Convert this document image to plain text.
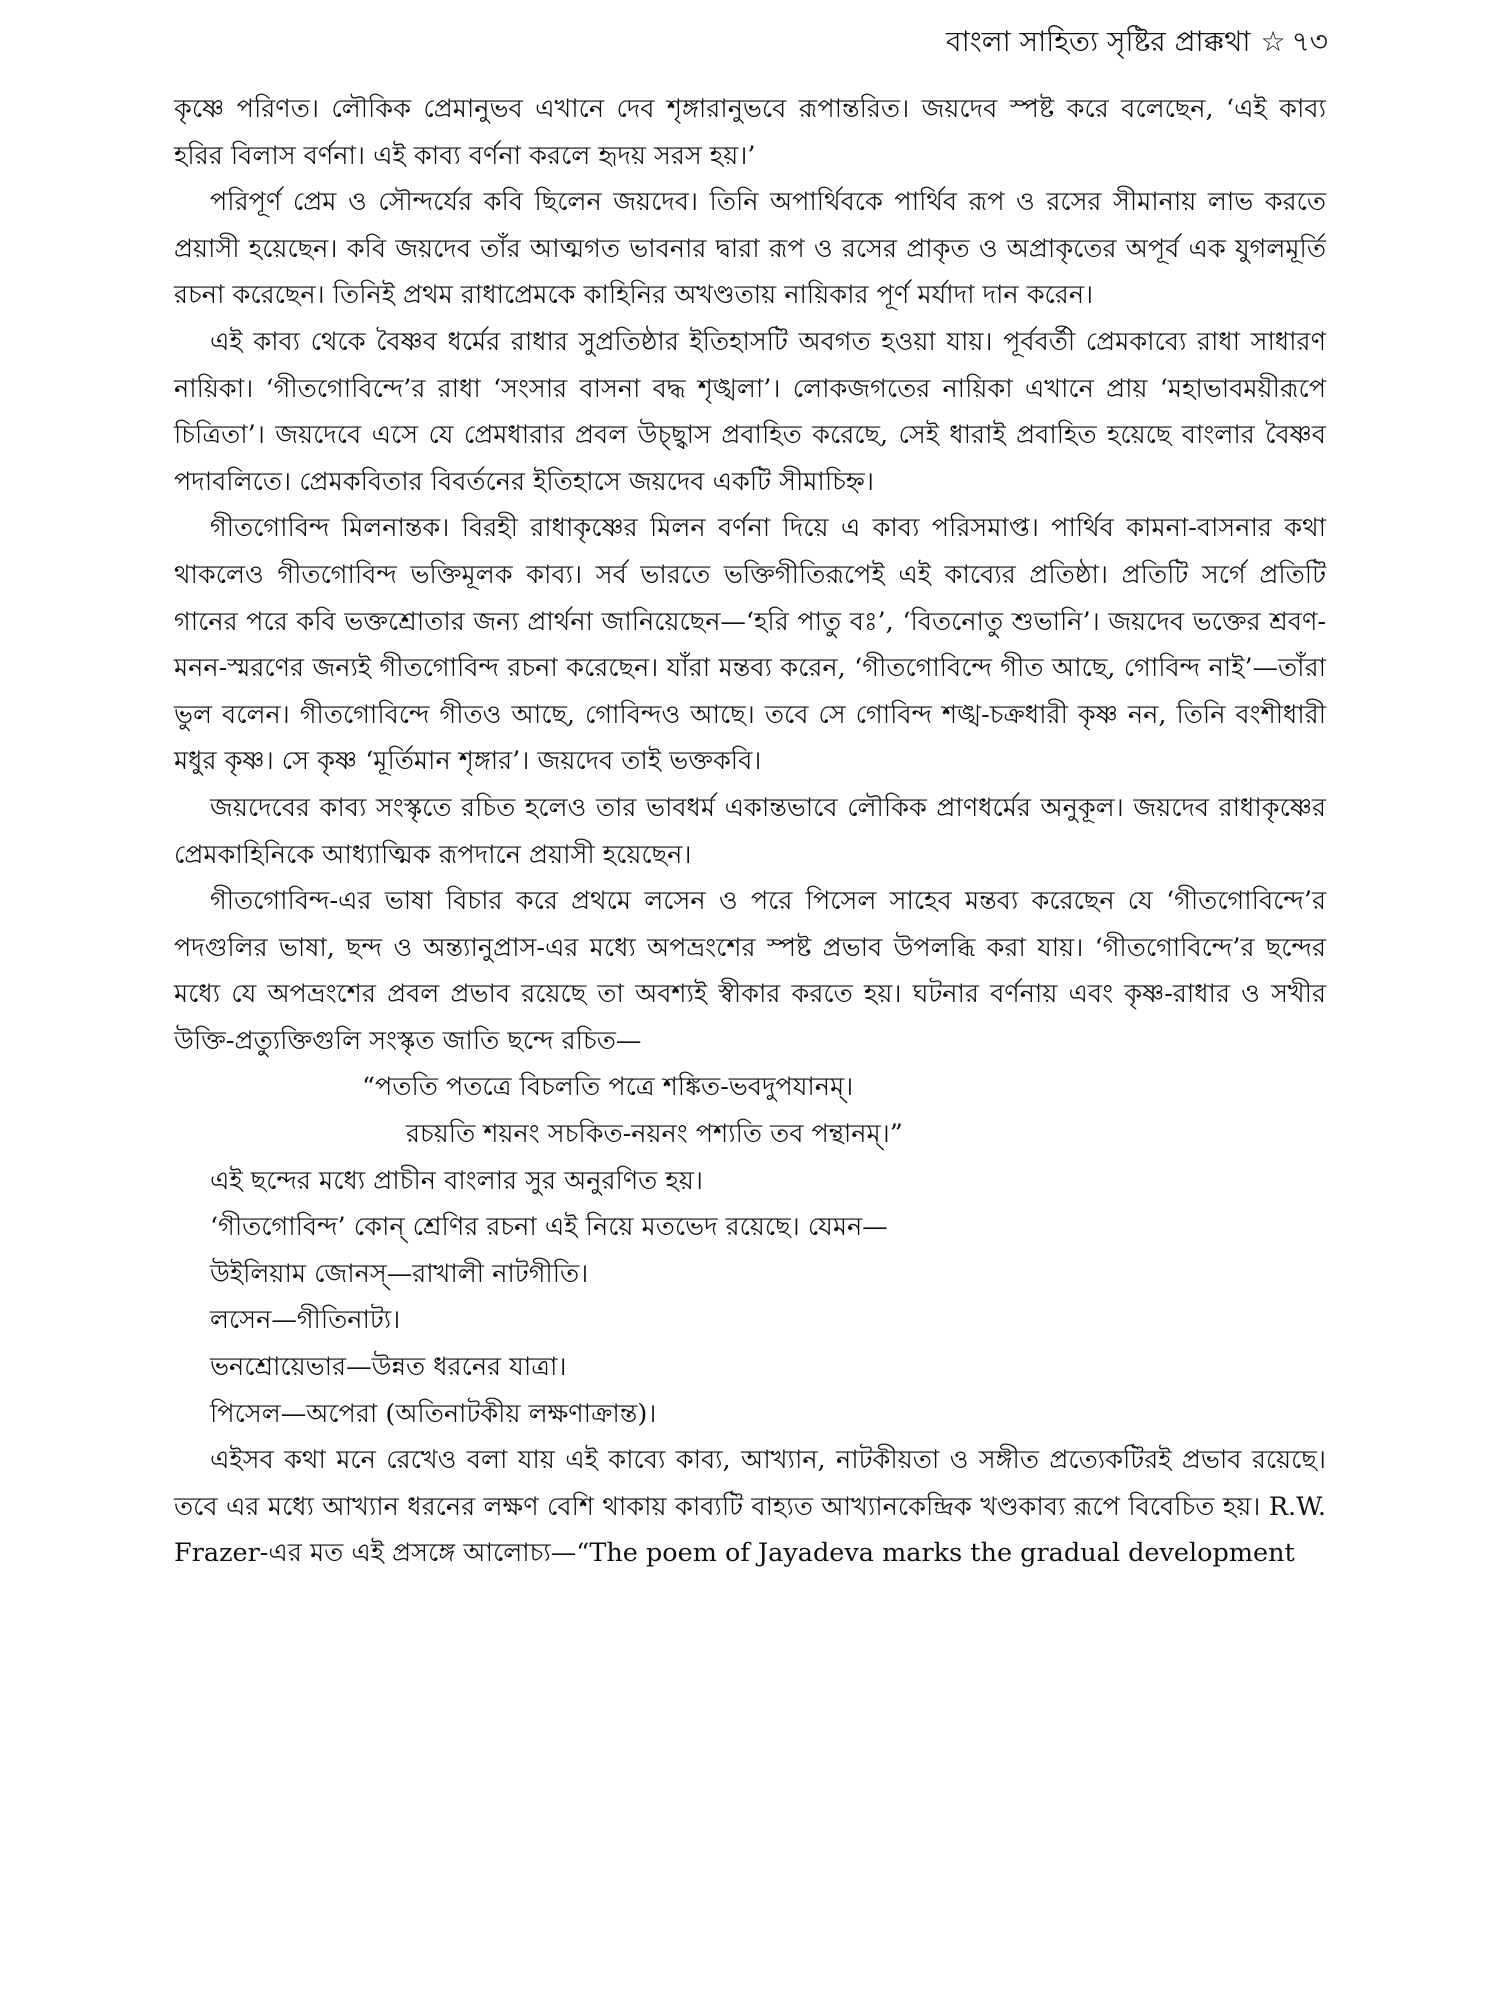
বাংলা সাহিত্য সৃষ্টির প্রাক্কথা ☆ ৭৩

কৃষ্ণে পরিণত। লৌকিক প্রেমানুভব এখানে দেব শৃঙ্গারানুভবে রূপান্তরিত। জয়দেব স্পষ্ট করে বলেছেন, ‘এই কাব্য হরির বিলাস বর্ণনা। এই কাব্য বর্ণনা করলে হৃদয় সরস হয়।’

পরিপূর্ণ প্রেম ও সৌন্দর্যের কবি ছিলেন জয়দেব। তিনি অপার্থিবকে পার্থিব রূপ ও রসের সীমানায় লাভ করতে প্রয়াসী হয়েছেন। কবি জয়দেব তাঁর আত্মগত ভাবনার দ্বারা রূপ ও রসের প্রাকৃত ও অপ্রাকৃতের অপূর্ব এক যুগলমূর্তি রচনা করেছেন। তিনিই প্রথম রাধাপ্রেমকে কাহিনির অখণ্ডতায় নায়িকার পূর্ণ মর্যাদা দান করেন।

এই কাব্য থেকে বৈষ্ণব ধর্মের রাধার সুপ্রতিষ্ঠার ইতিহাসটি অবগত হওয়া যায়। পূর্ববর্তী প্রেমকাব্যে রাধা সাধারণ নায়িকা। ‘গীতগোবিন্দে’র রাধা ‘সংসার বাসনা বদ্ধ শৃঙ্খলা’। লোকজগতের নায়িকা এখানে প্রায় ‘মহাভাবময়ীরূপে চিত্রিতা’। জয়দেবে এসে যে প্রেমধারার প্রবল উচ্ছ্বাস প্রবাহিত করেছে, সেই ধারাই প্রবাহিত হয়েছে বাংলার বৈষ্ণব পদাবলিতে। প্রেমকবিতার বিবর্তনের ইতিহাসে জয়দেব একটি সীমাচিহ্ন।

গীতগোবিন্দ মিলনান্তক। বিরহী রাধাকৃষ্ণের মিলন বর্ণনা দিয়ে এ কাব্য পরিসমাপ্ত। পার্থিব কামনা-বাসনার কথা থাকলেও গীতগোবিন্দ ভক্তিমূলক কাব্য। সর্ব ভারতে ভক্তিগীতিরূপেই এই কাব্যের প্রতিষ্ঠা। প্রতিটি সর্গে প্রতিটি গানের পরে কবি ভক্তশ্রোতার জন্য প্রার্থনা জানিয়েছেন—‘হরি পাতু বঃ’, ‘বিতনোতু শুভানি’। জয়দেব ভক্তের শ্রবণ-মনন-স্মরণের জন্যই গীতগোবিন্দ রচনা করেছেন। যাঁরা মন্তব্য করেন, ‘গীতগোবিন্দে গীত আছে, গোবিন্দ নাই’—তাঁরা ভুল বলেন। গীতগোবিন্দে গীতও আছে, গোবিন্দও আছে। তবে সে গোবিন্দ শঙ্খ-চক্রধারী কৃষ্ণ নন, তিনি বংশীধারী মধুর কৃষ্ণ। সে কৃষ্ণ ‘মূর্তিমান শৃঙ্গার’। জয়দেব তাই ভক্তকবি।

জয়দেবের কাব্য সংস্কৃতে রচিত হলেও তার ভাবধর্ম একান্তভাবে লৌকিক প্রাণধর্মের অনুকূল। জয়দেব রাধাকৃষ্ণের প্রেমকাহিনিকে আধ্যাত্মিক রূপদানে প্রয়াসী হয়েছেন।

গীতগোবিন্দ-এর ভাষা বিচার করে প্রথমে লসেন ও পরে পিসেল সাহেব মন্তব্য করেছেন যে ‘গীতগোবিন্দে’র পদগুলির ভাষা, ছন্দ ও অন্ত্যানুপ্রাস-এর মধ্যে অপভ্রংশের স্পষ্ট প্রভাব উপলব্ধি করা যায়। ‘গীতগোবিন্দে’র ছন্দের মধ্যে যে অপভ্রংশের প্রবল প্রভাব রয়েছে তা অবশ্যই স্বীকার করতে হয়। ঘটনার বর্ণনায় এবং কৃষ্ণ-রাধার ও সখীর উক্তি-প্রত্যুক্তিগুলি সংস্কৃত জাতি ছন্দে রচিত—

“পততি পতত্রে বিচলতি পত্রে শঙ্কিত-ভবদুপযানম্।

রচয়তি শয়নং সচকিত-নয়নং পশ্যতি তব পন্থানম্।”

এই ছন্দের মধ্যে প্রাচীন বাংলার সুর অনুরণিত হয়।

‘গীতগোবিন্দ’ কোন্ শ্রেণির রচনা এই নিয়ে মতভেদ রয়েছে। যেমন—

উইলিয়াম জোনস্—রাখালী নাটগীতি।

লসেন—গীতিনাট্য।

ভনশ্রোয়েভার—উন্নত ধরনের যাত্রা।

পিসেল—অপেরা (অতিনাটকীয় লক্ষণাক্রান্ত)।

এইসব কথা মনে রেখেও বলা যায় এই কাব্যে কাব্য, আখ্যান, নাটকীয়তা ও সঙ্গীত প্রত্যেকটিরই প্রভাব রয়েছে। তবে এর মধ্যে আখ্যান ধরনের লক্ষণ বেশি থাকায় কাব্যটি বাহ্যত আখ্যানকেন্দ্রিক খণ্ডকাব্য রূপে বিবেচিত হয়। R.W. Frazer-এর মত এই প্রসঙ্গে আলোচ্য—“The poem of Jayadeva marks the gradual development
